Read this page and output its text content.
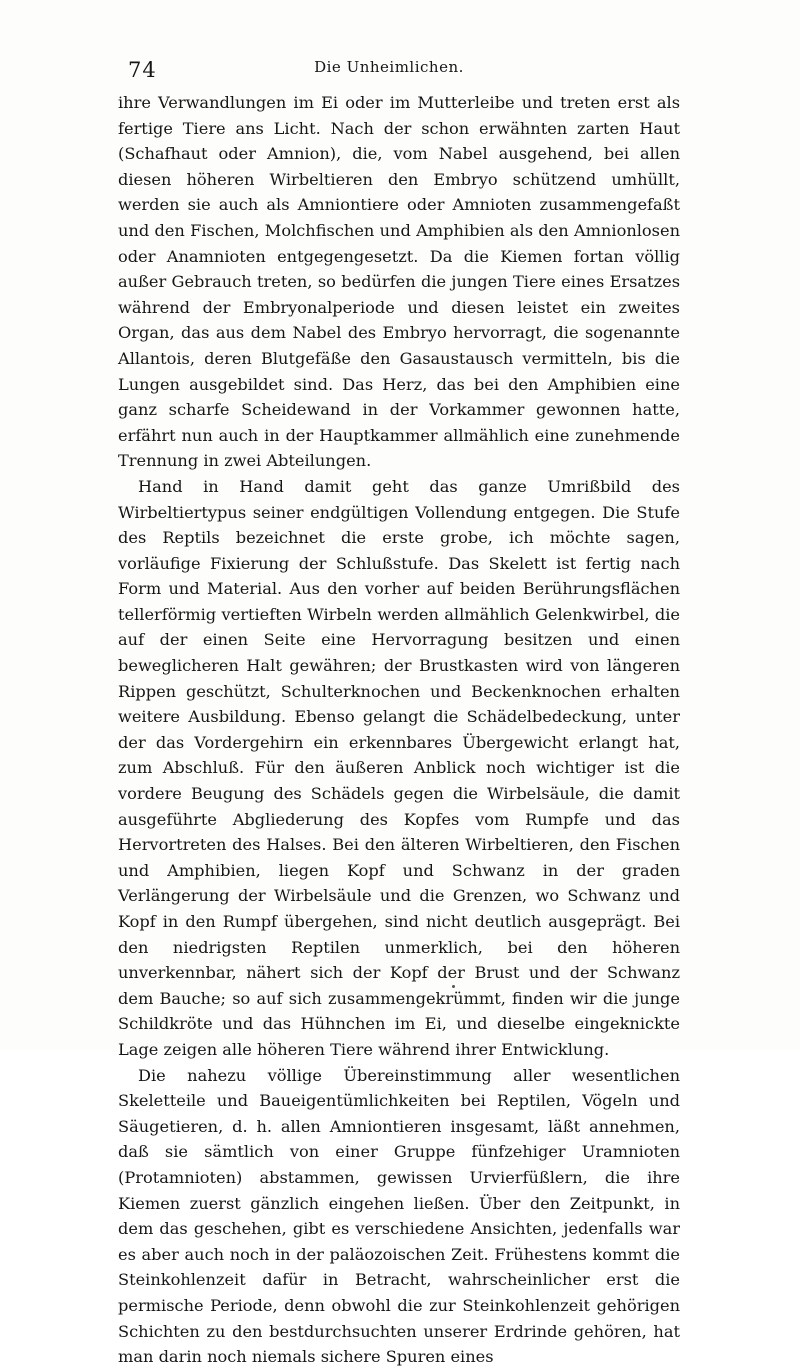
74	Die Unheimlichen.

ihre Verwandlungen im Ei oder im Mutterleibe und treten erst als fertige Tiere ans Licht. Nach der schon erwähnten zarten Haut (Schafhaut oder Amnion), die, vom Nabel ausgehend, bei allen diesen höheren Wirbeltieren den Embryo schützend umhüllt, werden sie auch als Amniontiere oder Amnioten zusammengefaßt und den Fischen, Molchfischen und Amphibien als den Amnionlosen oder Anamnioten entgegengesetzt. Da die Kiemen fortan völlig außer Gebrauch treten, so bedürfen die jungen Tiere eines Ersatzes während der Embryonalperiode und diesen leistet ein zweites Organ, das aus dem Nabel des Embryo hervorragt, die sogenannte Allantois, deren Blutgefäße den Gasaustausch vermitteln, bis die Lungen ausgebildet sind. Das Herz, das bei den Amphibien eine ganz scharfe Scheidewand in der Vorkammer gewonnen hatte, erfährt nun auch in der Hauptkammer allmählich eine zunehmende Trennung in zwei Abteilungen.

Hand in Hand damit geht das ganze Umrißbild des Wirbeltiertypus seiner endgültigen Vollendung entgegen. Die Stufe des Reptils bezeichnet die erste grobe, ich möchte sagen, vorläufige Fixierung der Schlußstufe. Das Skelett ist fertig nach Form und Material. Aus den vorher auf beiden Berührungsflächen tellerförmig vertieften Wirbeln werden allmählich Gelenkwirbel, die auf der einen Seite eine Hervorragung besitzen und einen beweglicheren Halt gewähren; der Brustkasten wird von längeren Rippen geschützt, Schulterknochen und Beckenknochen erhalten weitere Ausbildung. Ebenso gelangt die Schädelbedeckung, unter der das Vordergehirn ein erkennbares Übergewicht erlangt hat, zum Abschluß. Für den äußeren Anblick noch wichtiger ist die vordere Beugung des Schädels gegen die Wirbelsäule, die damit ausgeführte Abgliederung des Kopfes vom Rumpfe und das Hervortreten des Halses. Bei den älteren Wirbeltieren, den Fischen und Amphibien, liegen Kopf und Schwanz in der graden Verlängerung der Wirbelsäule und die Grenzen, wo Schwanz und Kopf in den Rumpf übergehen, sind nicht deutlich ausgeprägt. Bei den niedrigsten Reptilen unmerklich, bei den höheren unverkennbar, nähert sich der Kopf der Brust und der Schwanz dem Bauche; so auf sich zusammengekrümmt, finden wir die junge Schildkröte und das Hühnchen im Ei, und dieselbe eingeknickte Lage zeigen alle höheren Tiere während ihrer Entwicklung.

Die nahezu völlige Übereinstimmung aller wesentlichen Skeletteile und Baueigentümlichkeiten bei Reptilen, Vögeln und Säugetieren, d. h. allen Amniontieren insgesamt, läßt annehmen, daß sie sämtlich von einer Gruppe fünfzehiger Uramnioten (Protamnioten) abstammen, gewissen Urvierfüßlern, die ihre Kiemen zuerst gänzlich eingehen ließen. Über den Zeitpunkt, in dem das geschehen, gibt es verschiedene Ansichten, jedenfalls war es aber auch noch in der paläozoischen Zeit. Frühestens kommt die Steinkohlenzeit dafür in Betracht, wahrscheinlicher erst die permische Periode, denn obwohl die zur Steinkohlenzeit gehörigen Schichten zu den bestdurchsuchten unserer Erdrinde gehören, hat man darin noch niemals sichere Spuren eines
